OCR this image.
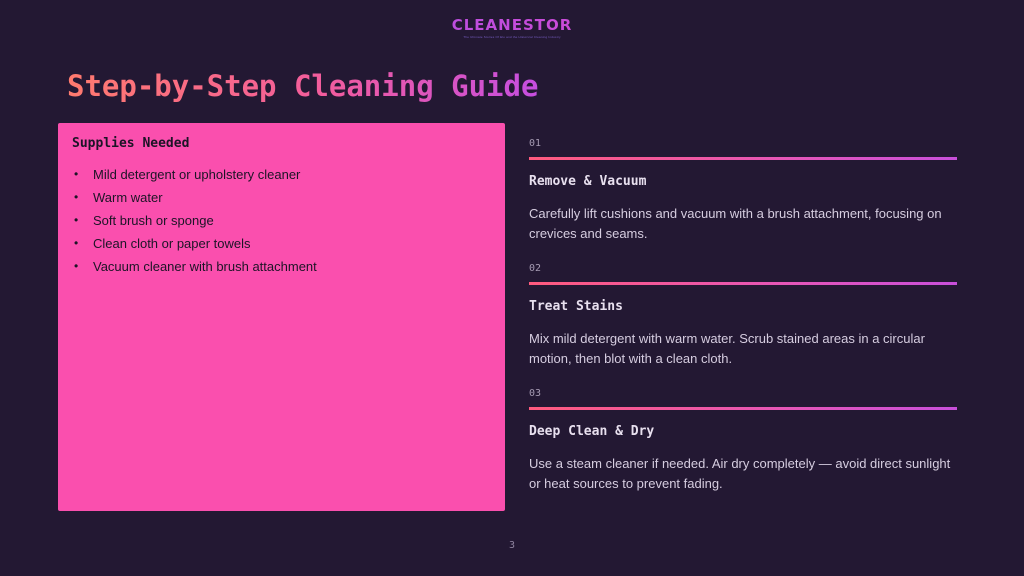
CLEANESTOR
The Ultimate Stories Of Elo and the Historical Cleaning Industry
Step-by-Step Cleaning Guide
Supplies Needed
• Mild detergent or upholstery cleaner
• Warm water
• Soft brush or sponge
• Clean cloth or paper towels
• Vacuum cleaner with brush attachment
01
Remove & Vacuum
Carefully lift cushions and vacuum with a brush attachment, focusing on crevices and seams.
02
Treat Stains
Mix mild detergent with warm water. Scrub stained areas in a circular motion, then blot with a clean cloth.
03
Deep Clean & Dry
Use a steam cleaner if needed. Air dry completely — avoid direct sunlight or heat sources to prevent fading.
3
